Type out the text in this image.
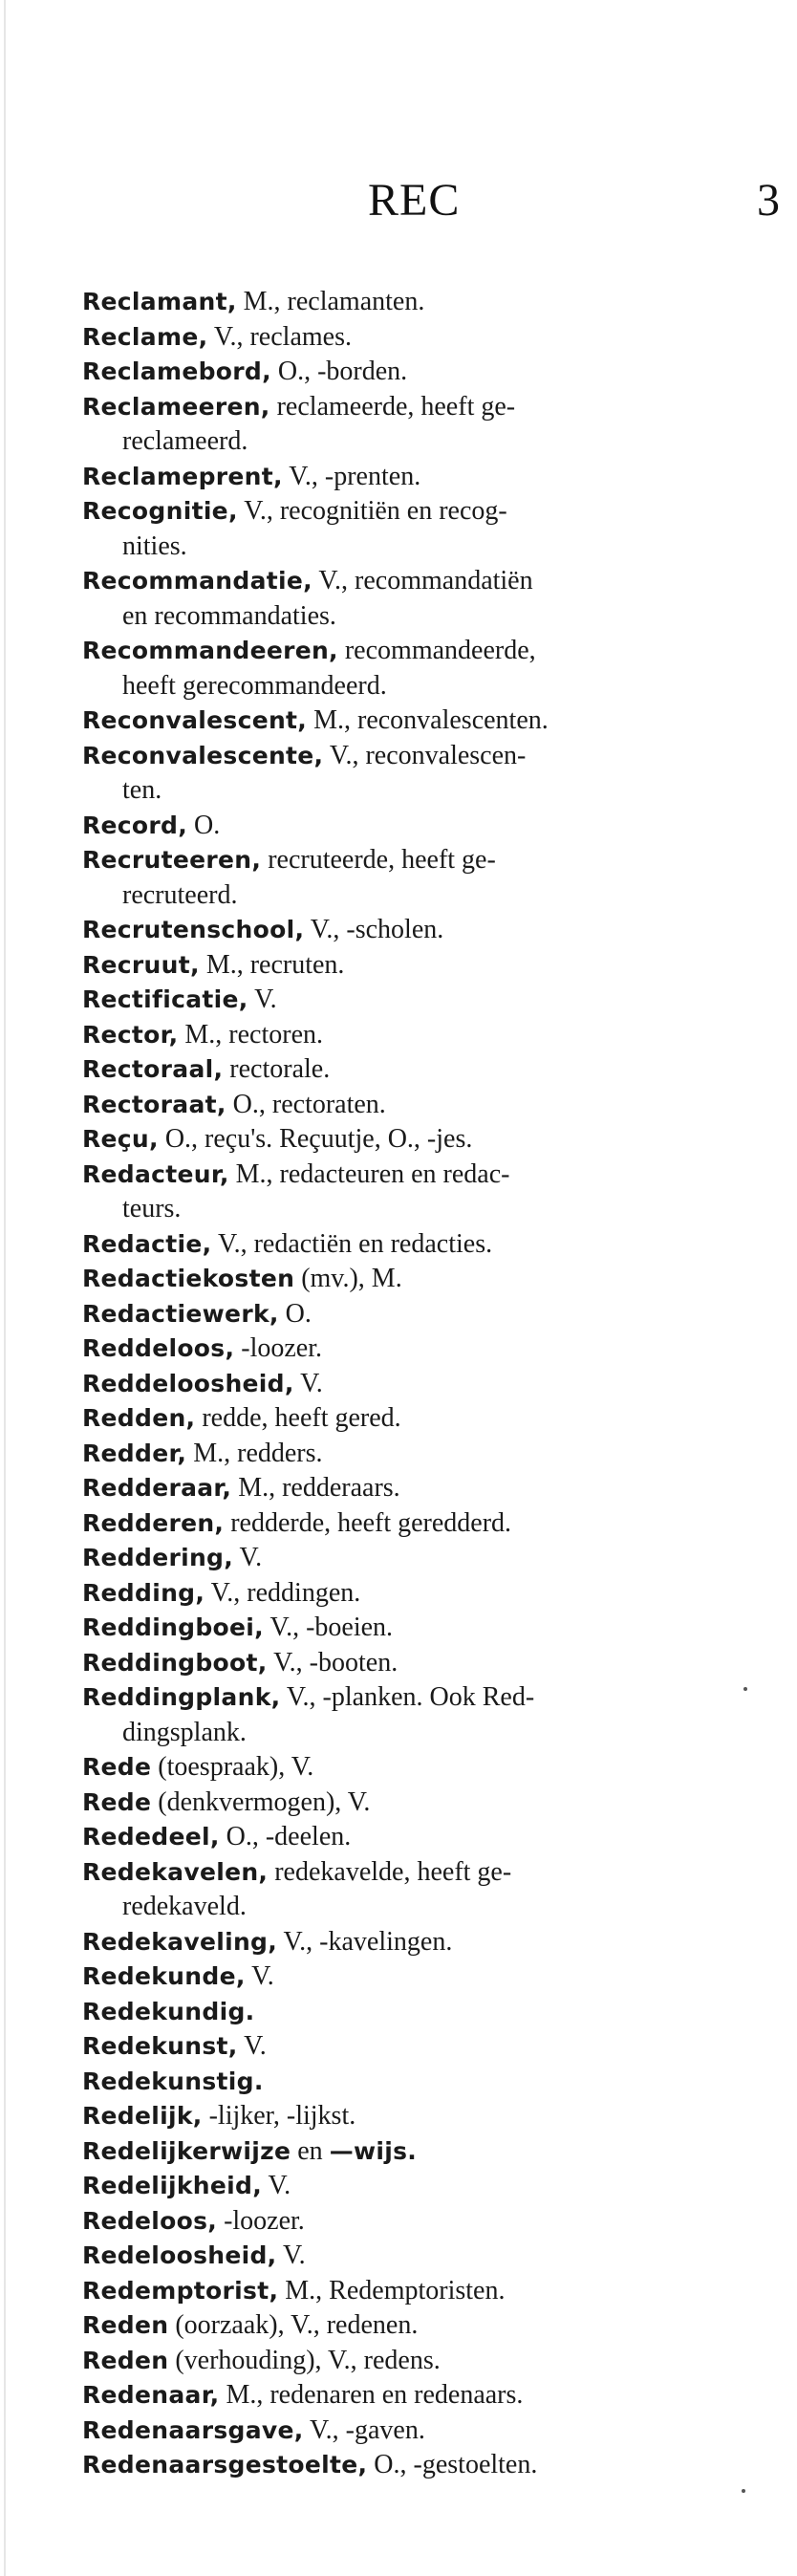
REC	3
Reclamant, M., reclamanten.
Reclame, V., reclames.
Reclamebord, O., -borden.
Reclameeren, reclameerde, heeft ge-
reclameerd.
Reclameprent, V., -prenten.
Recognitie, V., recognitiën en recog-
nities.
Recommandatie, V., recommandatiën
en recommandaties.
Recommandeeren, recommandeerde,
heeft gerecommandeerd.
Reconvalescent, M., reconvalescenten.
Reconvalescente, V., reconvalescen-
ten.
Record, O.
Recruteeren, recruteerde, heeft ge-
recruteerd.
Recrutenschool, V., -scholen.
Recruut, M., recruten.
Rectificatie, V.
Rector, M., rectoren.
Rectoraal, rectorale.
Rectoraat, O., rectoraten.
Reçu, O., reçu's. Reçuutje, O., -jes.
Redacteur, M., redacteuren en redac-
teurs.
Redactie, V., redactiën en redacties.
Redactiekosten (mv.), M.
Redactiewerk, O.
Reddeloos, -loozer.
Reddeloosheid, V.
Redden, redde, heeft gered.
Redder, M., redders.
Redderaar, M., redderaars.
Redderen, redderde, heeft geredderd.
Reddering, V.
Redding, V., reddingen.
Reddingboei, V., -boeien.
Reddingboot, V., -booten.
Reddingplank, V., -planken. Ook Red-
dingsplank.
Rede (toespraak), V.
Rede (denkvermogen), V.
Rededeel, O., -deelen.
Redekavelen, redekavelde, heeft ge-
redekaveld.
Redekaveling, V., -kavelingen.
Redekunde, V.
Redekundig.
Redekunst, V.
Redekunstig.
Redelijk, -lijker, -lijkst.
Redelijkerwijze en —wijs.
Redelijkheid, V.
Redeloos, -loozer.
Redeloosheid, V.
Redemptorist, M., Redemptoristen.
Reden (oorzaak), V., redenen.
Reden (verhouding), V., redens.
Redenaar, M., redenaren en redenaars.
Redenaarsgave, V., -gaven.
Redenaarsgestoelte, O., -gestoelten.
